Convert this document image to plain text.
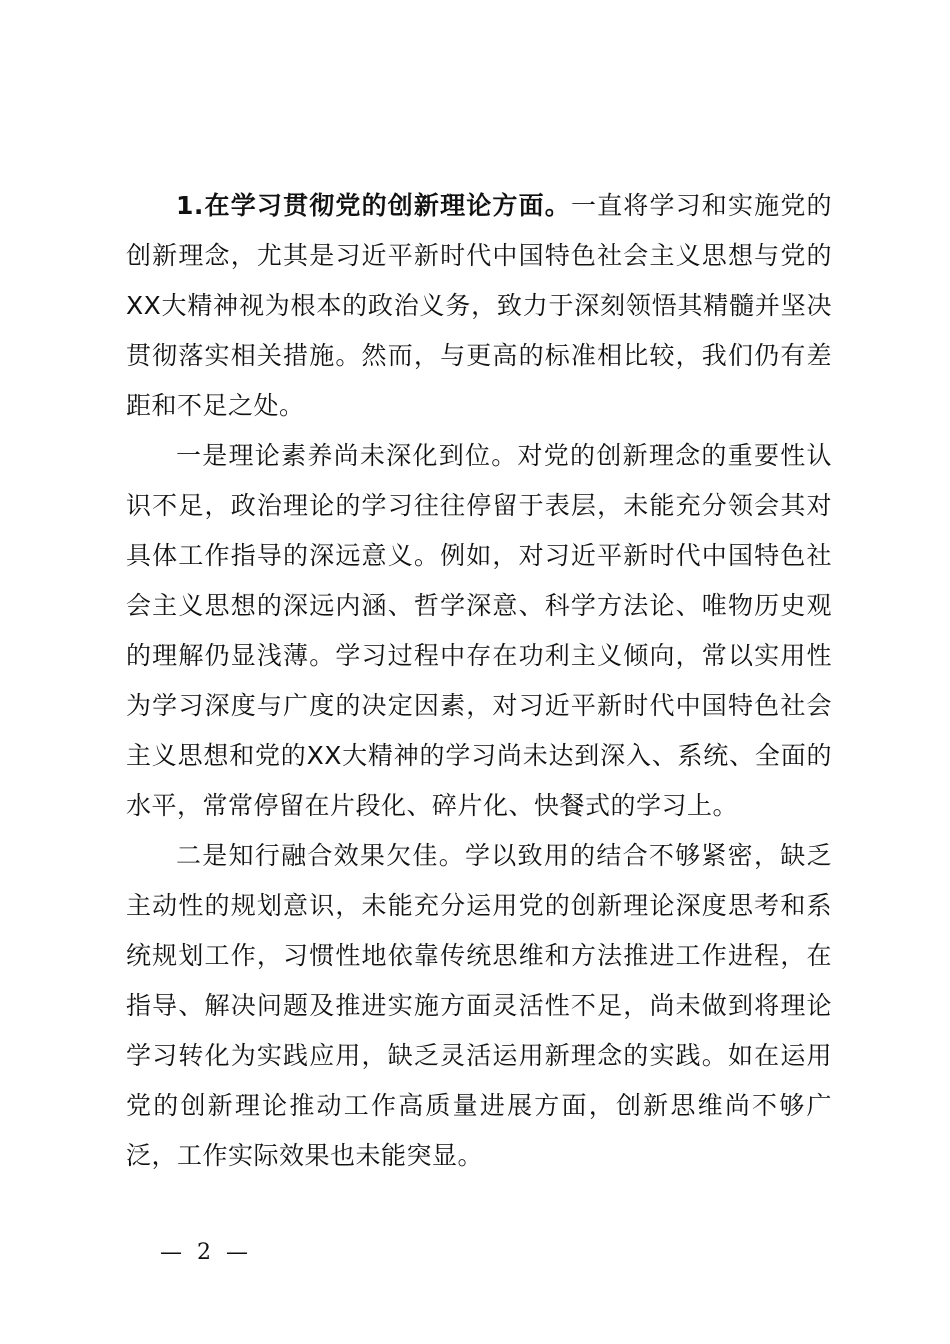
1.在学习贯彻党的创新理论方面。一直将学习和实施党的创新理念，尤其是习近平新时代中国特色社会主义思想与党的XX大精神视为根本的政治义务，致力于深刻领悟其精髓并坚决贯彻落实相关措施。然而，与更高的标准相比较，我们仍有差距和不足之处。

一是理论素养尚未深化到位。对党的创新理念的重要性认识不足，政治理论的学习往往停留于表层，未能充分领会其对具体工作指导的深远意义。例如，对习近平新时代中国特色社会主义思想的深远内涵、哲学深意、科学方法论、唯物历史观的理解仍显浅薄。学习过程中存在功利主义倾向，常以实用性为学习深度与广度的决定因素，对习近平新时代中国特色社会主义思想和党的XX大精神的学习尚未达到深入、系统、全面的水平，常常停留在片段化、碎片化、快餐式的学习上。

二是知行融合效果欠佳。学以致用的结合不够紧密，缺乏主动性的规划意识，未能充分运用党的创新理论深度思考和系统规划工作，习惯性地依靠传统思维和方法推进工作进程，在指导、解决问题及推进实施方面灵活性不足，尚未做到将理论学习转化为实践应用，缺乏灵活运用新理念的实践。如在运用党的创新理论推动工作高质量进展方面，创新思维尚不够广泛，工作实际效果也未能突显。

— 2 —
